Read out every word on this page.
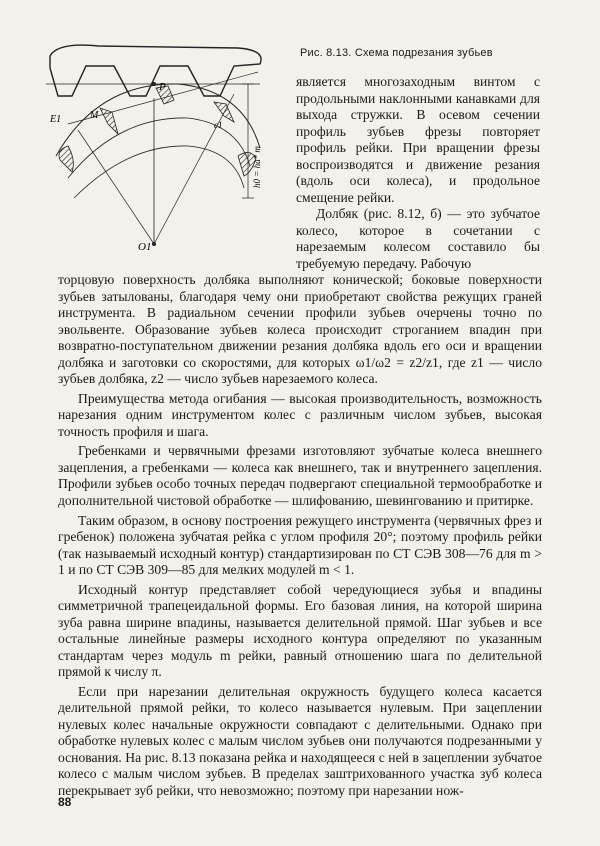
P
E1	M
O1
c1
h0 = ha* m
Рис. 8.13. Схема подрезания зубьев

является многозаходным винтом с продольными наклонными канавками для выхода стружки. В осевом сечении профиль зубьев фрезы повторяет профиль рейки. При вращении фрезы воспроизводятся и движение резания (вдоль оси колеса), и продольное смещение рейки.

Долбяк (рис. 8.12, б) — это зубчатое колесо, которое в сочетании с нарезаемым колесом составило бы требуемую передачу. Рабочую

торцовую поверхность долбяка выполняют конической; боковые поверхности зубьев затылованы, благодаря чему они приобретают свойства режущих граней инструмента. В радиальном сечении профили зубьев очерчены точно по эвольвенте. Образование зубьев колеса происходит строганием впадин при возвратно-поступательном движении резания долбяка вдоль его оси и вращении долбяка и заготовки со скоростями, для которых ω1/ω2 = z2/z1, где z1 — число зубьев долбяка, z2 — число зубьев нарезаемого колеса.

Преимущества метода огибания — высокая производительность, возможность нарезания одним инструментом колес с различным числом зубьев, высокая точность профиля и шага.

Гребенками и червячными фрезами изготовляют зубчатые колеса внешнего зацепления, а гребенками — колеса как внешнего, так и внутреннего зацепления. Профили зубьев особо точных передач подвергают специальной термообработке и дополнительной чистовой обработке — шлифованию, шевингованию и притирке.

Таким образом, в основу построения режущего инструмента (червячных фрез и гребенок) положена зубчатая рейка с углом профиля 20°; поэтому профиль рейки (так называемый исходный контур) стандартизирован по СТ СЭВ 308—76 для m > 1 и по СТ СЭВ 309—85 для мелких модулей m < 1.

Исходный контур представляет собой чередующиеся зубья и впадины симметричной трапецеидальной формы. Его базовая линия, на которой ширина зуба равна ширине впадины, называется делительной прямой. Шаг зубьев и все остальные линейные размеры исходного контура определяют по указанным стандартам через модуль m рейки, равный отношению шага по делительной прямой к числу π.

Если при нарезании делительная окружность будущего колеса касается делительной прямой рейки, то колесо называется нулевым. При зацеплении нулевых колес начальные окружности совпадают с делительными. Однако при обработке нулевых колес с малым числом зубьев они получаются подрезанными у основания. На рис. 8.13 показана рейка и находящееся с ней в зацеплении зубчатое колесо с малым числом зубьев. В пределах заштрихованного участка зуб колеса перекрывает зуб рейки, что невозможно; поэтому при нарезании нож-

88
